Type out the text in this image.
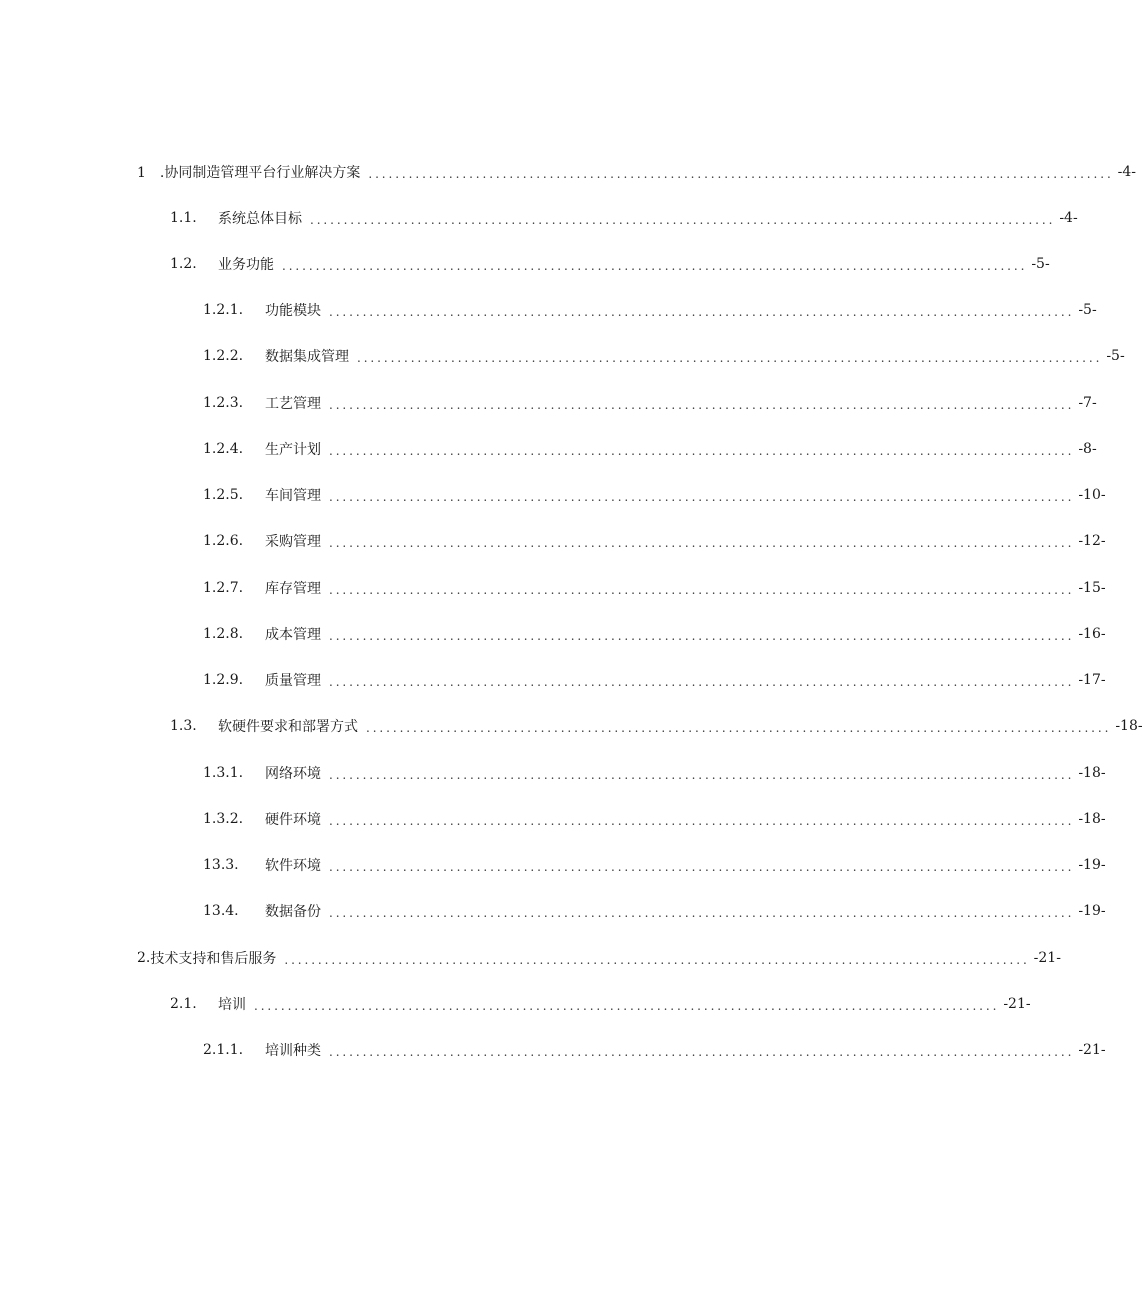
1　. 协同制造管理平台行业解决方案 ............................................................................................................... -4-
1.1.	系统总体目标 ............................................................................................................... -4-
1.2.	业务功能 ............................................................................................................... -5-
1.2.1.	功能模块 ............................................................................................................... -5-
1.2.2.	数据集成管理 ............................................................................................................... -5-
1.2.3.	工艺管理 ............................................................................................................... -7-
1.2.4.	生产计划 ............................................................................................................... -8-
1.2.5.	车间管理 ............................................................................................................... -10-
1.2.6.	采购管理 ............................................................................................................... -12-
1.2.7.	库存管理 ............................................................................................................... -15-
1.2.8.	成本管理 ............................................................................................................... -16-
1.2.9.	质量管理 ............................................................................................................... -17-
1.3.	软硬件要求和部署方式 ............................................................................................................... -18-
1.3.1.	网络环境 ............................................................................................................... -18-
1.3.2.	硬件环境 ............................................................................................................... -18-
13.3.	软件环境 ............................................................................................................... -19-
13.4.	数据备份 ............................................................................................................... -19-
2. 技术支持和售后服务 ............................................................................................................... -21-
2.1.	培训 ............................................................................................................... -21-
2.1.1.	培训种类 ............................................................................................................... -21-
